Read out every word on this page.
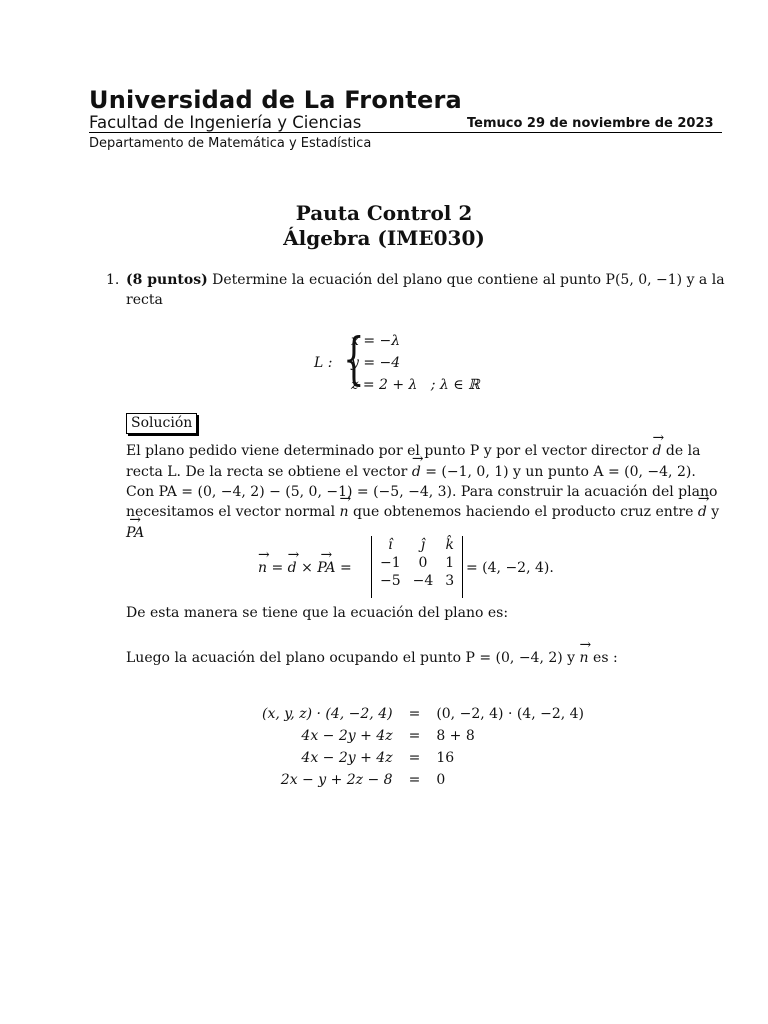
Universidad de La Frontera
Facultad de Ingeniería y Ciencias	Temuco 29 de noviembre de 2023
Departamento de Matemática y Estadística
Pauta Control 2
Álgebra (IME030)
1. (8 puntos) Determine la ecuación del plano que contiene al punto P(5, 0, −1) y a la
recta
L : {
x = −λ
y = −4
z = 2 + λ   ; λ ∈ ℝ
Solución
El plano pedido viene determinado por el punto P y por el vector director → d de la
recta L. De la recta se obtiene el vector → d = (−1, 0, 1) y un punto A = (0, −4, 2).
Con PA = (0, −4, 2) − (5, 0, −1) = (−5, −4, 3). Para construir la acuación del plano
necesitamos el vector normal → n que obtenemos haciendo el producto cruz entre → d y
→ PA
→ n = → d × → PA =
î	ĵ	k̂
−1	0	1
−5	−4	3
= (4, −2, 4).
De esta manera se tiene que la ecuación del plano es:
Luego la acuación del plano ocupando el punto P = (0, −4, 2) y → n es :
(x, y, z) · (4, −2, 4)	=	(0, −2, 4) · (4, −2, 4)
4x − 2y + 4z	=	8 + 8
4x − 2y + 4z	=	16
2x − y + 2z − 8	=	0
